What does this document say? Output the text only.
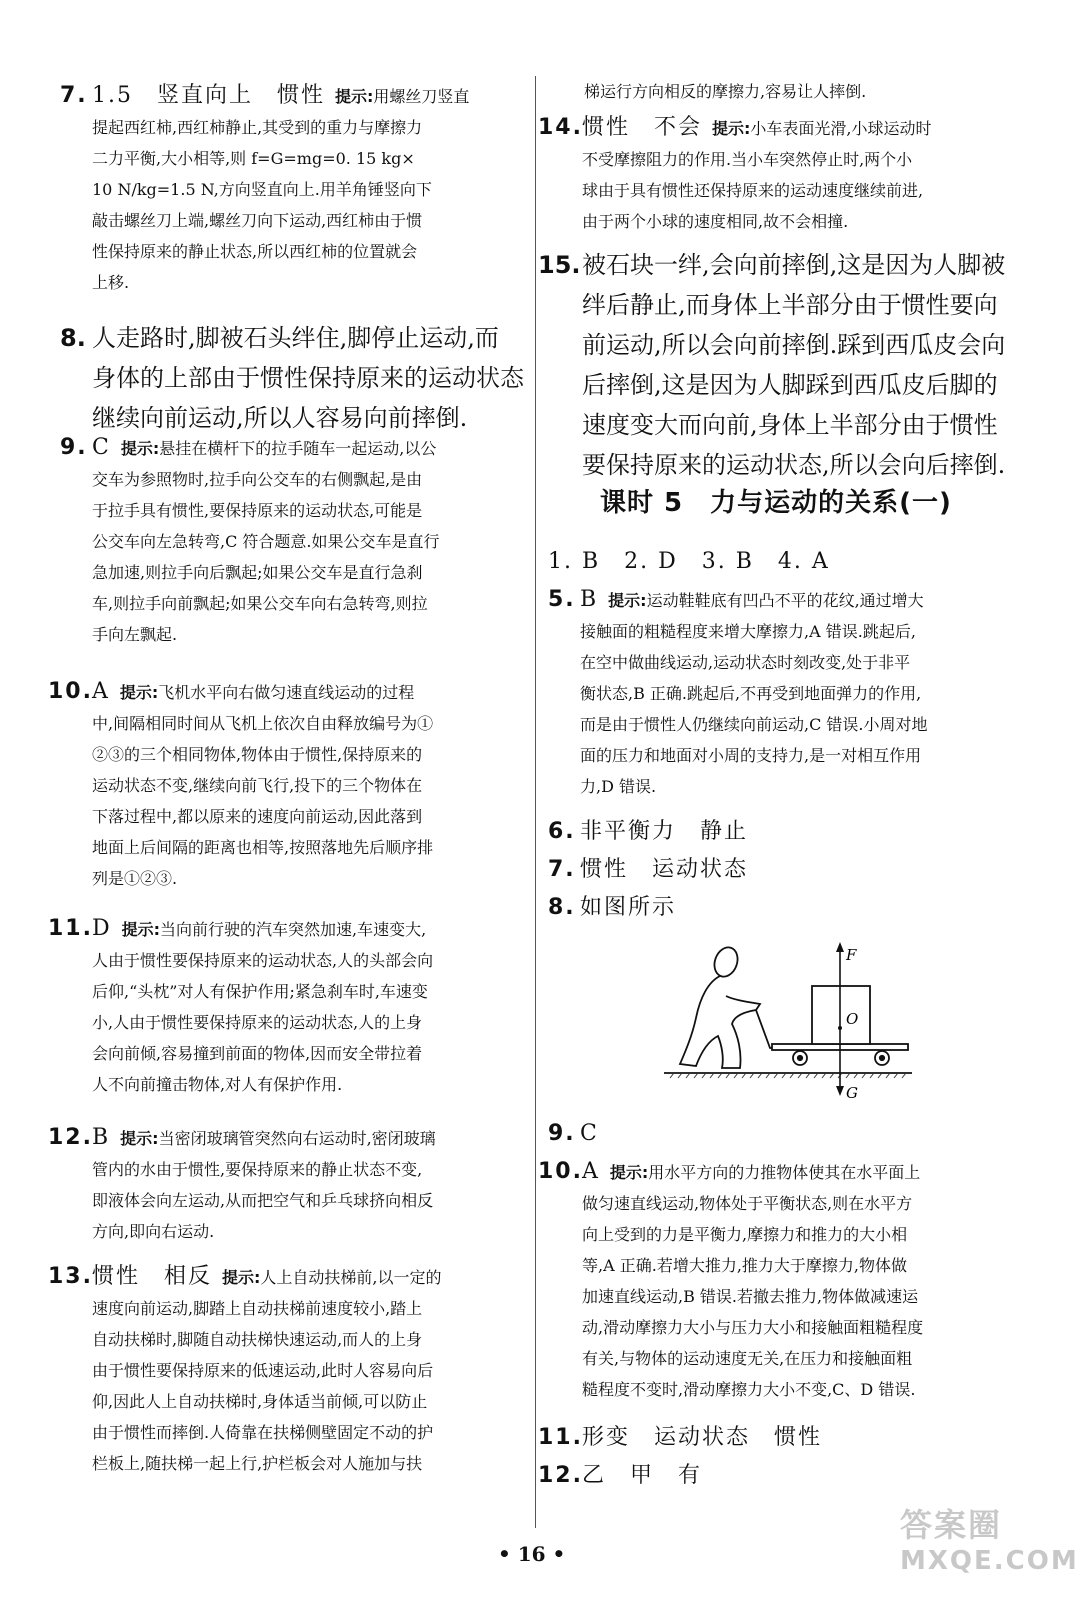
7. 1.5　竖直向上　惯性 提示:用螺丝刀竖直
提起西红柿,西红柿静止,其受到的重力与摩擦力
二力平衡,大小相等,则 f=G=mg=0. 15 kg×
10 N/kg=1.5 N,方向竖直向上.用羊角锤竖向下
敲击螺丝刀上端,螺丝刀向下运动,西红柿由于惯
性保持原来的静止状态,所以西红柿的位置就会
上移.
8. 人走路时,脚被石头绊住,脚停止运动,而
身体的上部由于惯性保持原来的运动状态
继续向前运动,所以人容易向前摔倒.
9. C 提示:悬挂在横杆下的拉手随车一起运动,以公
交车为参照物时,拉手向公交车的右侧飘起,是由
于拉手具有惯性,要保持原来的运动状态,可能是
公交车向左急转弯,C 符合题意.如果公交车是直行
急加速,则拉手向后飘起;如果公交车是直行急刹
车,则拉手向前飘起;如果公交车向右急转弯,则拉
手向左飘起.
10. A 提示:飞机水平向右做匀速直线运动的过程
中,间隔相同时间从飞机上依次自由释放编号为①
②③的三个相同物体,物体由于惯性,保持原来的
运动状态不变,继续向前飞行,投下的三个物体在
下落过程中,都以原来的速度向前运动,因此落到
地面上后间隔的距离也相等,按照落地先后顺序排
列是①②③.
11. D 提示:当向前行驶的汽车突然加速,车速变大,
人由于惯性要保持原来的运动状态,人的头部会向
后仰,“头枕”对人有保护作用;紧急刹车时,车速变
小,人由于惯性要保持原来的运动状态,人的上身
会向前倾,容易撞到前面的物体,因而安全带拉着
人不向前撞击物体,对人有保护作用.
12. B 提示:当密闭玻璃管突然向右运动时,密闭玻璃
管内的水由于惯性,要保持原来的静止状态不变,
即液体会向左运动,从而把空气和乒乓球挤向相反
方向,即向右运动.
13. 惯性　相反 提示:人上自动扶梯前,以一定的
速度向前运动,脚踏上自动扶梯前速度较小,踏上
自动扶梯时,脚随自动扶梯快速运动,而人的上身
由于惯性要保持原来的低速运动,此时人容易向后
仰,因此人上自动扶梯时,身体适当前倾,可以防止
由于惯性而摔倒.人倚靠在扶梯侧壁固定不动的护
栏板上,随扶梯一起上行,护栏板会对人施加与扶
梯运行方向相反的摩擦力,容易让人摔倒.
14. 惯性　不会 提示:小车表面光滑,小球运动时
不受摩擦阻力的作用.当小车突然停止时,两个小
球由于具有惯性还保持原来的运动速度继续前进,
由于两个小球的速度相同,故不会相撞.
15. 被石块一绊,会向前摔倒,这是因为人脚被
绊后静止,而身体上半部分由于惯性要向
前运动,所以会向前摔倒.踩到西瓜皮会向
后摔倒,这是因为人脚踩到西瓜皮后脚的
速度变大而向前,身体上半部分由于惯性
要保持原来的运动状态,所以会向后摔倒.
课时 5　力与运动的关系(一)
1. B　2. D　3. B　4. A
5. B 提示:运动鞋鞋底有凹凸不平的花纹,通过增大
接触面的粗糙程度来增大摩擦力,A 错误.跳起后,
在空中做曲线运动,运动状态时刻改变,处于非平
衡状态,B 正确.跳起后,不再受到地面弹力的作用,
而是由于惯性人仍继续向前运动,C 错误.小周对地
面的压力和地面对小周的支持力,是一对相互作用
力,D 错误.
6. 非平衡力　静止
7. 惯性　运动状态
8. 如图所示
F
O
G
9. C
10. A 提示:用水平方向的力推物体使其在水平面上
做匀速直线运动,物体处于平衡状态,则在水平方
向上受到的力是平衡力,摩擦力和推力的大小相
等,A 正确.若增大推力,推力大于摩擦力,物体做
加速直线运动,B 错误.若撤去推力,物体做减速运
动,滑动摩擦力大小与压力大小和接触面粗糙程度
有关,与物体的运动速度无关,在压力和接触面粗
糙程度不变时,滑动摩擦力大小不变,C、D 错误.
11. 形变　运动状态　惯性
12. 乙　甲　有
• 16 •
答案圈
MXQE.COM
